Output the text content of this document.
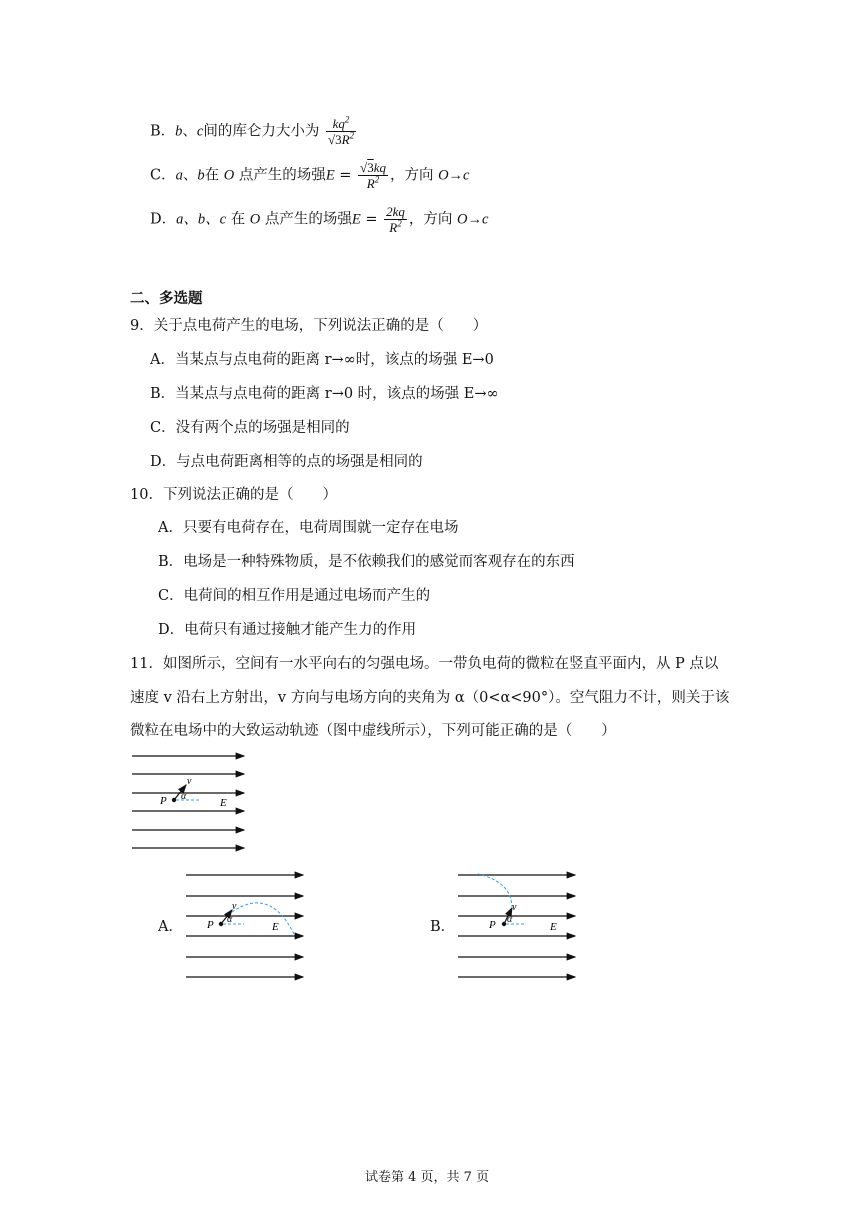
B．b、c间的库仑力大小为 $\frac{kq^2}{√3R^2}$
C．a、b在 O 点产生的场强$E = \frac{√3kq}{R^2}$ ，方向 O→c
D．a、b、c 在 O 点产生的场强$E = \frac{2kq}{R^2}$ ，方向 O→c
二、多选题
9．关于点电荷产生的电场，下列说法正确的是（　　）
A．当某点与点电荷的距离 r→∞时，该点的场强 E→0
B．当某点与点电荷的距离 r→0 时，该点的场强 E→∞
C．没有两个点的场强是相同的
D．与点电荷距离相等的点的场强是相同的
10．下列说法正确的是（　　）
A．只要有电荷存在，电荷周围就一定存在电场
B．电场是一种特殊物质，是不依赖我们的感觉而客观存在的东西
C．电荷间的相互作用是通过电场而产生的
D．电荷只有通过接触才能产生力的作用
11．如图所示，空间有一水平向右的匀强电场。一带负电荷的微粒在竖直平面内，从 P 点以
速度 v 沿右上方射出，v 方向与电场方向的夹角为 α（0<α<90°）。空气阻力不计，则关于该
微粒在电场中的大致运动轨迹（图中虚线所示），下列可能正确的是（　　）
P
v
α
E
A． P
v
α
E	B．	P
v
α
E
试卷第 4 页，共 7 页
